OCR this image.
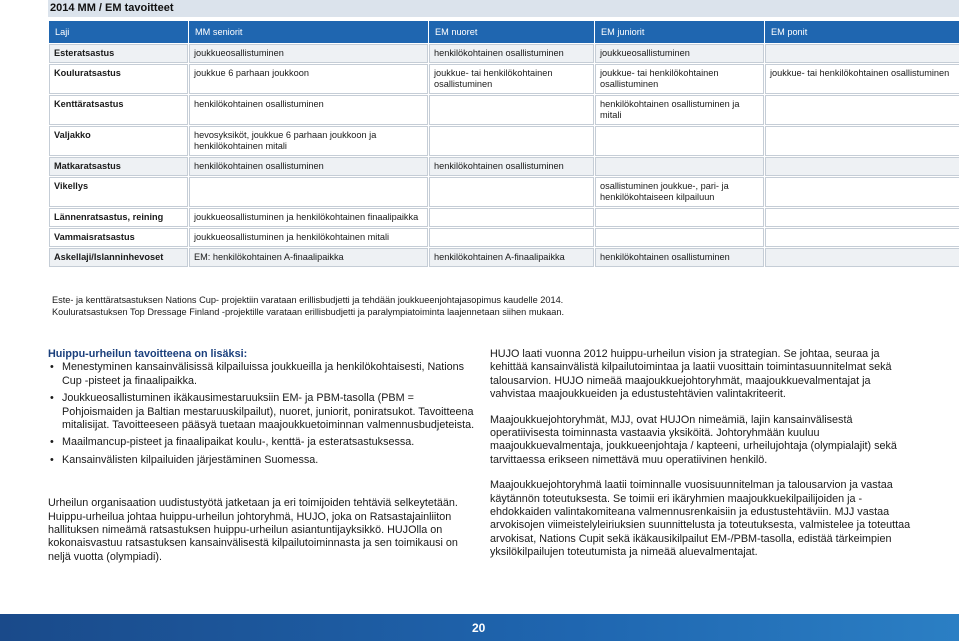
2014 MM / EM tavoitteet
Laji	MM seniorit	EM nuoret	EM juniorit	EM ponit
Esteratsastus	joukkueosallistuminen	henkilökohtainen osallistuminen	joukkueosallistuminen	
Kouluratsastus	joukkue 6 parhaan joukkoon	joukkue- tai henkilökohtainen osallistuminen	joukkue- tai henkilökohtainen osallistuminen	joukkue- tai henkilökohtainen osallistuminen
Kenttäratsastus	henkilökohtainen osallistuminen		henkilökohtainen osallistuminen ja mitali	
Valjakko	hevosyksiköt, joukkue 6 parhaan joukkoon ja henkilökohtainen mitali			
Matkaratsastus	henkilökohtainen osallistuminen	henkilökohtainen osallistuminen		
Vikellys			osallistuminen joukkue-, pari- ja henkilökohtaiseen kilpailuun	
Lännenratsastus, reining	joukkueosallistuminen ja henkilökohtainen finaalipaikka			
Vammaisratsastus	joukkueosallistuminen ja henkilökohtainen mitali			
Askellaji/Islanninhevoset	EM: henkilökohtainen A-finaalipaikka	henkilökohtainen A-finaalipaikka	henkilökohtainen osallistuminen	
Este- ja kenttäratsastuksen Nations Cup- projektiin varataan erillisbudjetti ja tehdään joukkueenjohtajasopimus kaudelle 2014.
Kouluratsastuksen Top Dressage Finland -projektille varataan erillisbudjetti ja paralympiatoiminta laajennetaan siihen mukaan.
Huippu-urheilun tavoitteena on lisäksi:
• Menestyminen kansainvälisissä kilpailuissa joukkueilla ja henkilökohtaisesti, Nations Cup -pisteet ja finaalipaikka.
• Joukkueosallistuminen ikäkausimestaruuksiin EM- ja PBM-tasolla (PBM = Pohjoismaiden ja Baltian mestaruuskilpailut), nuoret, juniorit, poniratsukot. Tavoitteena mitalisijat. Tavoitteeseen pääsyä tuetaan maajoukkuetoiminnan valmennusbudjeteista.
• Maailmancup-pisteet ja finaalipaikat koulu-, kenttä- ja esteratsastuksessa.
• Kansainvälisten kilpailuiden järjestäminen Suomessa.

Urheilun organisaation uudistustyötä jatketaan ja eri toimijoiden tehtäviä selkeytetään. Huippu-urheilua johtaa huippu-urheilun johtoryhmä, HUJO, joka on Ratsastajainliiton hallituksen nimeämä ratsastuksen huippu-urheilun asiantuntijayksikkö. HUJOlla on kokonaisvastuu ratsastuksen kansainvälisestä kilpailutoiminnasta ja sen toimikausi on neljä vuotta (olympiadi).

HUJO laati vuonna 2012 huippu-urheilun vision ja strategian. Se johtaa, seuraa ja kehittää kansainvälistä kilpailutoimintaa ja laatii vuosittain toimintasuunnitelmat sekä talousarvion. HUJO nimeää maajoukkuejohtoryhmät, maajoukkuevalmentajat ja vahvistaa maajoukkueiden ja edustustehtävien valintakriteerit.

Maajoukkuejohtoryhmät, MJJ, ovat HUJOn nimeämiä, lajin kansainvälisestä operatiivisesta toiminnasta vastaavia yksiköitä. Johtoryhmään kuuluu maajoukkuevalmentaja, joukkueenjohtaja / kapteeni, urheilujohtaja (olympialajit) sekä tarvittaessa erikseen nimettävä muu operatiivinen henkilö.

Maajoukkuejohtoryhmä laatii toiminnalle vuosisuunnitelman ja talousarvion ja vastaa käytännön toteutuksesta. Se toimii eri ikäryhmien maajoukkuekilpailijoiden ja -ehdokkaiden valintakomiteana valmennusrenkaisiin ja edustustehtäviin. MJJ vastaa arvokisojen viimeistelyleiriuksien suunnittelusta ja toteutuksesta, valmistelee ja toteuttaa arvokisat, Nations Cupit sekä ikäkausikilpailut EM-/PBM-tasolla, edistää tärkeimpien yksilökilpailujen toteutumista ja nimeää aluevalmentajat.

20
